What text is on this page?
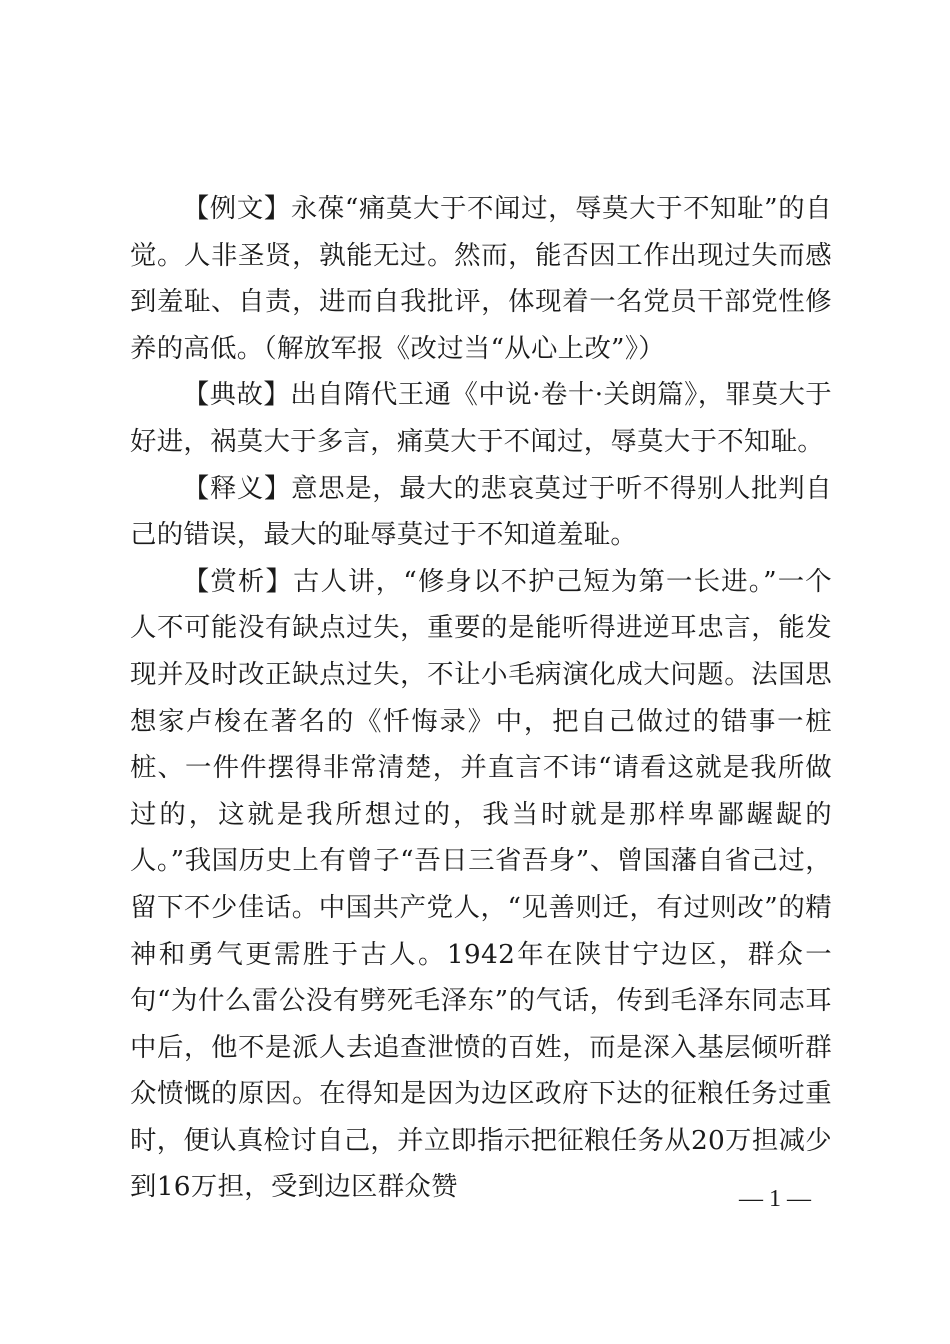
【例文】永葆“痛莫大于不闻过，辱莫大于不知耻”的自觉。人非圣贤，孰能无过。然而，能否因工作出现过失而感到羞耻、自责，进而自我批评，体现着一名党员干部党性修养的高低。（解放军报《改过当“从心上改”》）

【典故】出自隋代王通《中说·卷十·关朗篇》，罪莫大于好进，祸莫大于多言，痛莫大于不闻过，辱莫大于不知耻。

【释义】意思是，最大的悲哀莫过于听不得别人批判自己的错误，最大的耻辱莫过于不知道羞耻。

【赏析】古人讲，“修身以不护己短为第一长进。”一个人不可能没有缺点过失，重要的是能听得进逆耳忠言，能发现并及时改正缺点过失，不让小毛病演化成大问题。法国思想家卢梭在著名的《忏悔录》中，把自己做过的错事一桩桩、一件件摆得非常清楚，并直言不讳“请看这就是我所做过的，这就是我所想过的，我当时就是那样卑鄙龌龊的人。”我国历史上有曾子“吾日三省吾身”、曾国藩自省己过，留下不少佳话。中国共产党人，“见善则迁，有过则改”的精神和勇气更需胜于古人。1942年在陕甘宁边区，群众一句“为什么雷公没有劈死毛泽东”的气话，传到毛泽东同志耳中后，他不是派人去追查泄愤的百姓，而是深入基层倾听群众愤慨的原因。在得知是因为边区政府下达的征粮任务过重时，便认真检讨自己，并立即指示把征粮任务从20万担减少到16万担，受到边区群众赞	— 1 —
